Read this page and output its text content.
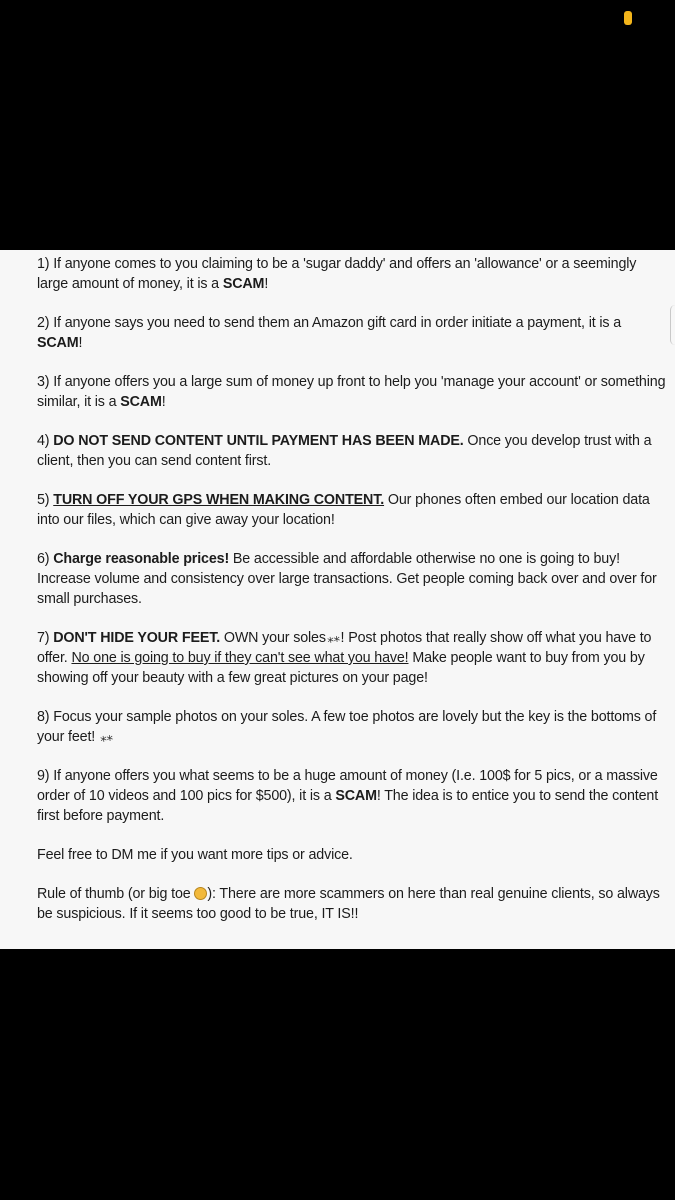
1) If anyone comes to you claiming to be a 'sugar daddy' and offers an 'allowance' or a seemingly large amount of money, it is a SCAM!

2) If anyone says you need to send them an Amazon gift card in order initiate a payment, it is a SCAM!

3) If anyone offers you a large sum of money up front to help you 'manage your account' or something similar, it is a SCAM!

4) DO NOT SEND CONTENT UNTIL PAYMENT HAS BEEN MADE. Once you develop trust with a client, then you can send content first.

5) TURN OFF YOUR GPS WHEN MAKING CONTENT. Our phones often embed our location data into our files, which can give away your location!

6) Charge reasonable prices! Be accessible and affordable otherwise no one is going to buy! Increase volume and consistency over large transactions. Get people coming back over and over for small purchases.

7) DON'T HIDE YOUR FEET. OWN your soles⁎⁎! Post photos that really show off what you have to offer. No one is going to buy if they can't see what you have! Make people want to buy from you by showing off your beauty with a few great pictures on your page!

8) Focus your sample photos on your soles. A few toe photos are lovely but the key is the bottoms of your feet! ⁎⁎

9) If anyone offers you what seems to be a huge amount of money (I.e. 100$ for 5 pics, or a massive order of 10 videos and 100 pics for $500), it is a SCAM! The idea is to entice you to send the content first before payment.

Feel free to DM me if you want more tips or advice.

Rule of thumb (or big toe ): There are more scammers on here than real genuine clients, so always be suspicious. If it seems too good to be true, IT IS!!
